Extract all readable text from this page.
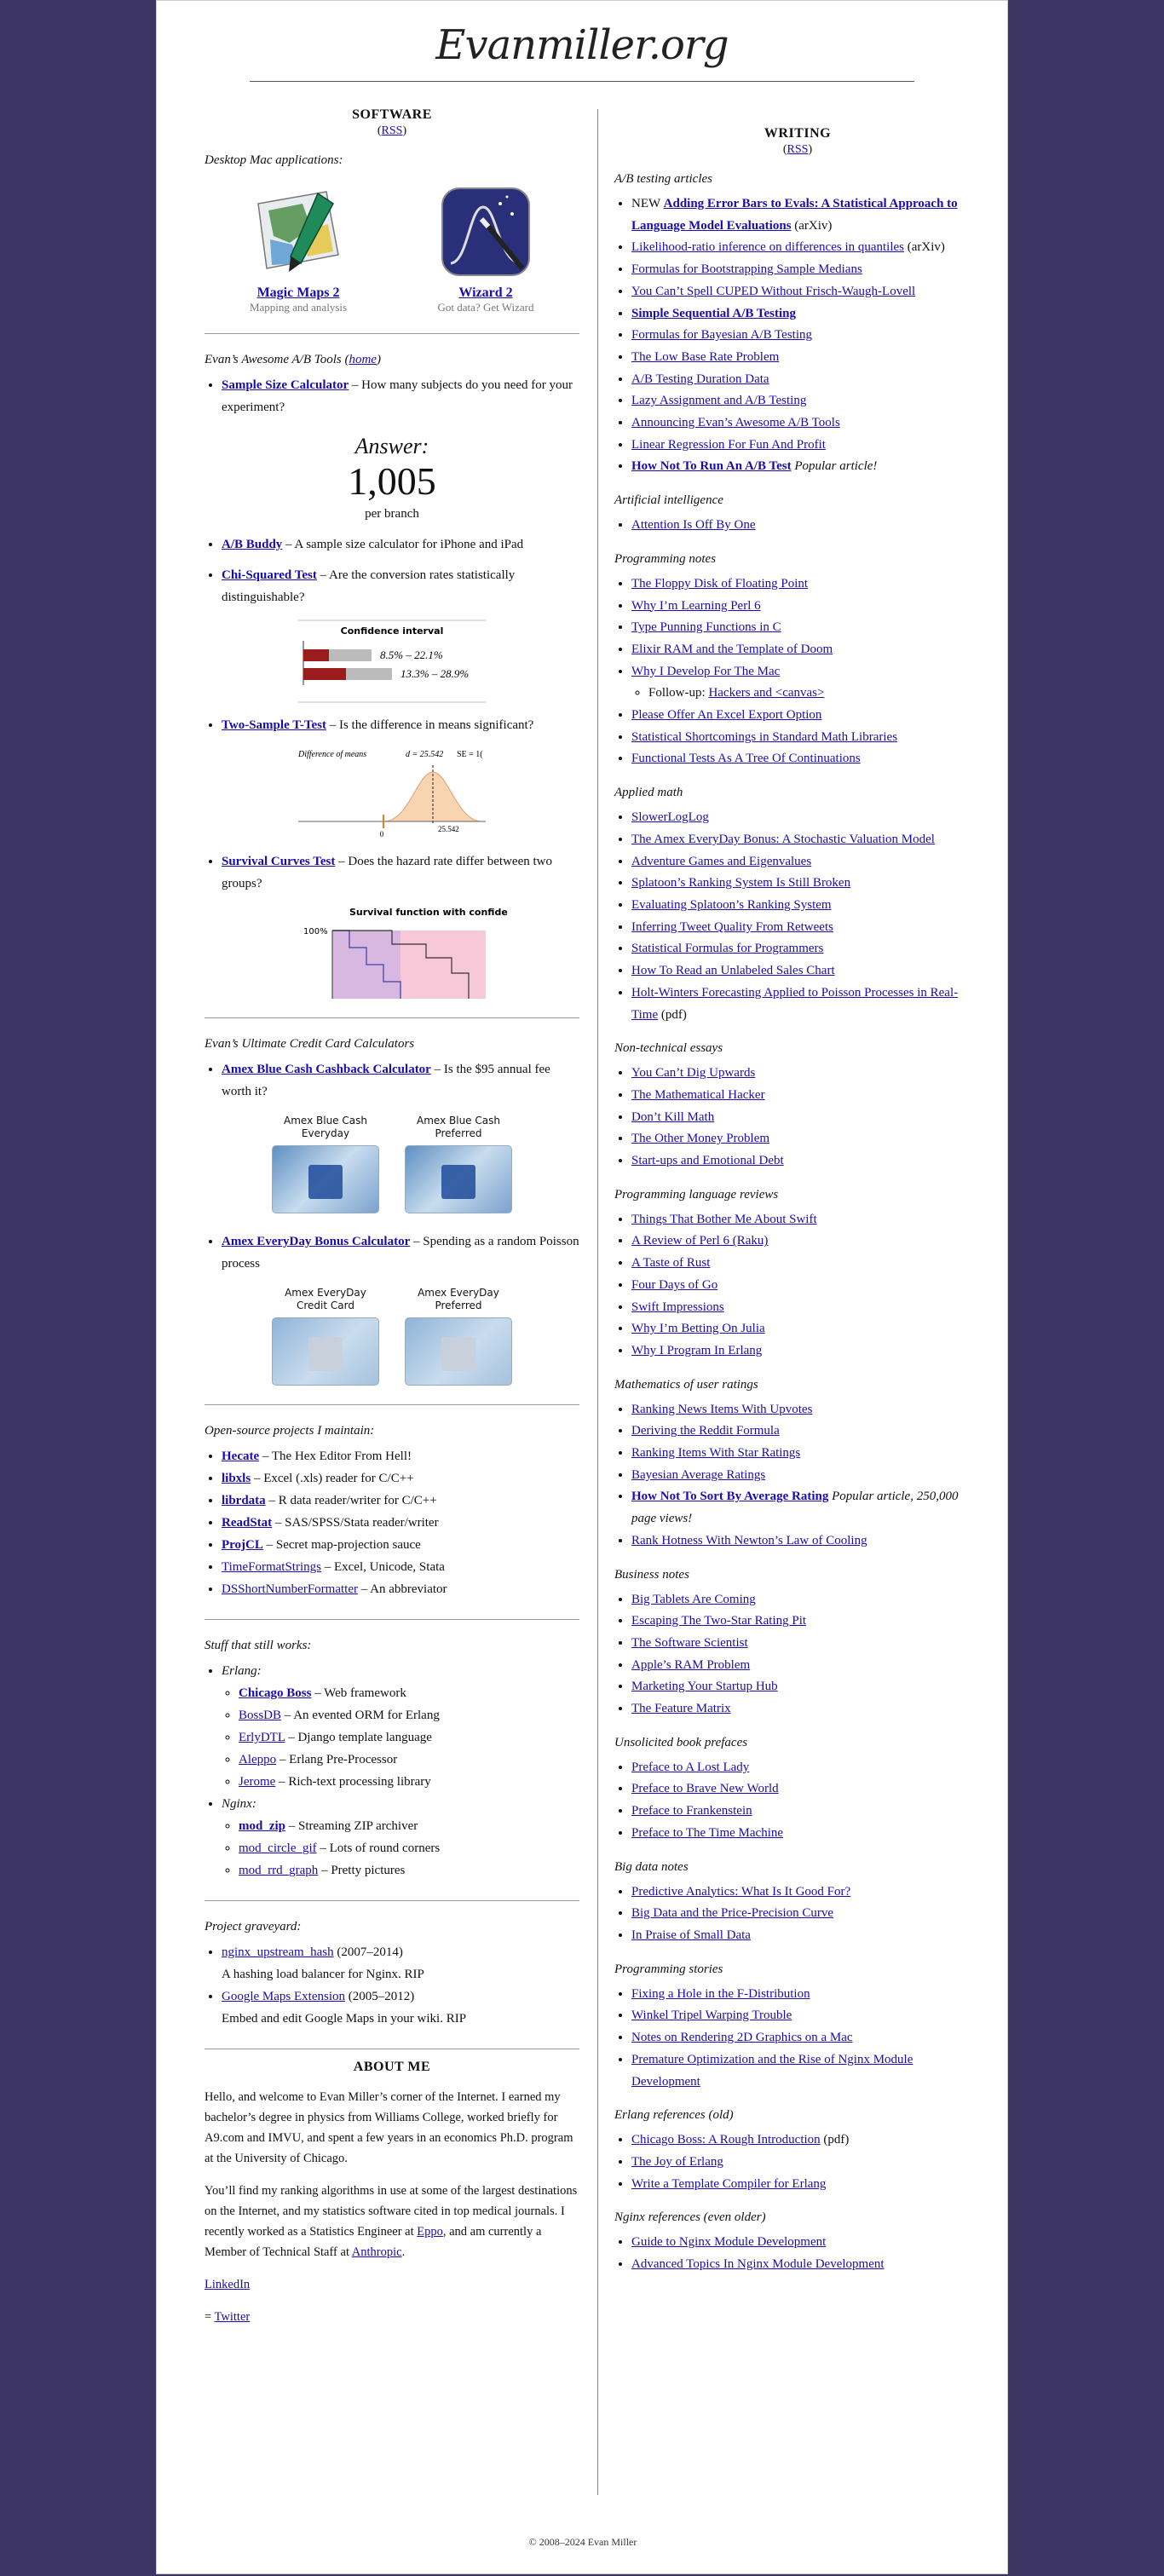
Evanmiller.org
SOFTWARE
(RSS)
Desktop Mac applications:
Magic Maps 2
Mapping and analysis
Wizard 2
Got data? Get Wizard
Evan’s Awesome A/B Tools (home)
• Sample Size Calculator – How many subjects do you need for your experiment?
Answer:
1,005
per branch
• A/B Buddy – A sample size calculator for iPhone and iPad
• Chi-Squared Test – Are the conversion rates statistically distinguishable?
Confidence interval
8.5% – 22.1%
13.3% – 28.9%
• Two-Sample T-Test – Is the difference in means significant?
Difference of means	d = 25.542 SE = 1(
0
25.542
• Survival Curves Test – Does the hazard rate differ between two groups?
Survival function with confide
100%
Evan’s Ultimate Credit Card Calculators
• Amex Blue Cash Cashback Calculator – Is the $95 annual fee worth it?
Amex Blue Cash Everyday
Amex Blue Cash Preferred
• Amex EveryDay Bonus Calculator – Spending as a random Poisson process
Amex EveryDay Credit Card
Amex EveryDay Preferred
Open-source projects I maintain:
• Hecate – The Hex Editor From Hell!
• libxls – Excel (.xls) reader for C/C++
• librdata – R data reader/writer for C/C++
• ReadStat – SAS/SPSS/Stata reader/writer
• ProjCL – Secret map-projection sauce
• TimeFormatStrings – Excel, Unicode, Stata
• DSShortNumberFormatter – An abbreviator
Stuff that still works:
• Erlang:
◦ Chicago Boss – Web framework
◦ BossDB – An evented ORM for Erlang
◦ ErlyDTL – Django template language
◦ Aleppo – Erlang Pre-Processor
◦ Jerome – Rich-text processing library
• Nginx:
◦ mod_zip – Streaming ZIP archiver
◦ mod_circle_gif – Lots of round corners
◦ mod_rrd_graph – Pretty pictures
Project graveyard:
• nginx_upstream_hash (2007–2014)
A hashing load balancer for Nginx. RIP
• Google Maps Extension (2005–2012)
Embed and edit Google Maps in your wiki. RIP
ABOUT ME

Hello, and welcome to Evan Miller’s corner of the Internet. I earned my bachelor’s degree in physics from Williams College, worked briefly for A9.com and IMVU, and spent a few years in an economics Ph.D. program at the University of Chicago.

You’ll find my ranking algorithms in use at some of the largest destinations on the Internet, and my statistics software cited in top medical journals. I recently worked as a Statistics Engineer at Eppo, and am currently a Member of Technical Staff at Anthropic.

LinkedIn

= Twitter

WRITING
(RSS)
A/B testing articles
• NEW Adding Error Bars to Evals: A Statistical Approach to Language Model Evaluations (arXiv)
• Likelihood-ratio inference on differences in quantiles (arXiv)
• Formulas for Bootstrapping Sample Medians
• You Can’t Spell CUPED Without Frisch-Waugh-Lovell
• Simple Sequential A/B Testing
• Formulas for Bayesian A/B Testing
• The Low Base Rate Problem
• A/B Testing Duration Data
• Lazy Assignment and A/B Testing
• Announcing Evan’s Awesome A/B Tools
• Linear Regression For Fun And Profit
• How Not To Run An A/B Test Popular article!
Artificial intelligence
• Attention Is Off By One
Programming notes
• The Floppy Disk of Floating Point
• Why I’m Learning Perl 6
• Type Punning Functions in C
• Elixir RAM and the Template of Doom
• Why I Develop For The Mac
◦ Follow-up: Hackers and <canvas>
• Please Offer An Excel Export Option
• Statistical Shortcomings in Standard Math Libraries
• Functional Tests As A Tree Of Continuations
Applied math
• SlowerLogLog
• The Amex EveryDay Bonus: A Stochastic Valuation Model
• Adventure Games and Eigenvalues
• Splatoon’s Ranking System Is Still Broken
• Evaluating Splatoon’s Ranking System
• Inferring Tweet Quality From Retweets
• Statistical Formulas for Programmers
• How To Read an Unlabeled Sales Chart
• Holt-Winters Forecasting Applied to Poisson Processes in Real-Time (pdf)
Non-technical essays
• You Can’t Dig Upwards
• The Mathematical Hacker
• Don’t Kill Math
• The Other Money Problem
• Start-ups and Emotional Debt
Programming language reviews
• Things That Bother Me About Swift
• A Review of Perl 6 (Raku)
• A Taste of Rust
• Four Days of Go
• Swift Impressions
• Why I’m Betting On Julia
• Why I Program In Erlang
Mathematics of user ratings
• Ranking News Items With Upvotes
• Deriving the Reddit Formula
• Ranking Items With Star Ratings
• Bayesian Average Ratings
• How Not To Sort By Average Rating Popular article, 250,000 page views!
• Rank Hotness With Newton’s Law of Cooling
Business notes
• Big Tablets Are Coming
• Escaping The Two-Star Rating Pit
• The Software Scientist
• Apple’s RAM Problem
• Marketing Your Startup Hub
• The Feature Matrix
Unsolicited book prefaces
• Preface to A Lost Lady
• Preface to Brave New World
• Preface to Frankenstein
• Preface to The Time Machine
Big data notes
• Predictive Analytics: What Is It Good For?
• Big Data and the Price-Precision Curve
• In Praise of Small Data
Programming stories
• Fixing a Hole in the F-Distribution
• Winkel Tripel Warping Trouble
• Notes on Rendering 2D Graphics on a Mac
• Premature Optimization and the Rise of Nginx Module Development
Erlang references (old)
• Chicago Boss: A Rough Introduction (pdf)
• The Joy of Erlang
• Write a Template Compiler for Erlang
Nginx references (even older)
• Guide to Nginx Module Development
• Advanced Topics In Nginx Module Development
© 2008–2024 Evan Miller
